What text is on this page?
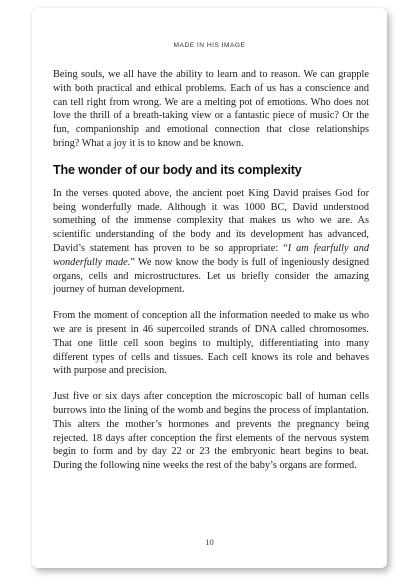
MADE IN HIS IMAGE

Being souls, we all have the ability to learn and to reason. We can grapple with both practical and ethical problems. Each of us has a conscience and can tell right from wrong. We are a melting pot of emotions. Who does not love the thrill of a breath-taking view or a fantastic piece of music? Or the fun, companionship and emotional connection that close relationships bring? What a joy it is to know and be known.

The wonder of our body and its complexity

In the verses quoted above, the ancient poet King David praises God for being wonderfully made. Although it was 1000 BC, David understood something of the immense complexity that makes us who we are. As scientific understanding of the body and its development has advanced, David’s statement has proven to be so appropriate: “I am fearfully and wonderfully made.” We now know the body is full of ingeniously designed organs, cells and microstructures. Let us briefly consider the amazing journey of human development.

From the moment of conception all the information needed to make us who we are is present in 46 supercoiled strands of DNA called chromosomes. That one little cell soon begins to multiply, differentiating into many different types of cells and tissues. Each cell knows its role and behaves with purpose and precision.

Just five or six days after conception the microscopic ball of human cells burrows into the lining of the womb and begins the process of implantation. This alters the mother’s hormones and prevents the pregnancy being rejected. 18 days after conception the first elements of the nervous system begin to form and by day 22 or 23 the embryonic heart begins to beat. During the following nine weeks the rest of the baby’s organs are formed.

10
